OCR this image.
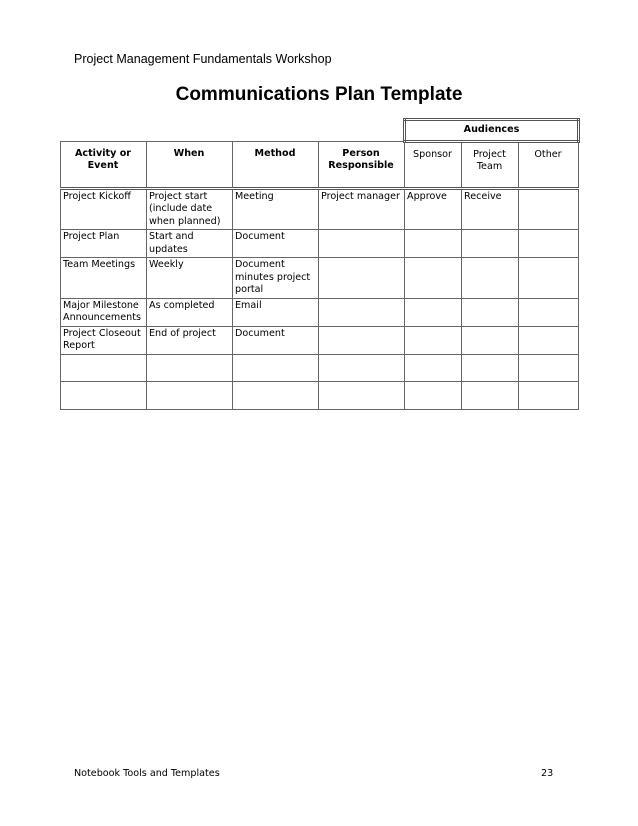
Project Management Fundamentals Workshop
Communications Plan Template
				Audiences		
Activity or Event	When	Method	Person Responsible	Sponsor	Project Team	Other
Project Kickoff	Project start (include date when planned)	Meeting	Project manager	Approve	Receive	
Project Plan	Start and updates	Document				
Team Meetings	Weekly	Document minutes project portal				
Major Milestone Announcements	As completed	Email				
Project Closeout Report	End of project	Document				

Notebook Tools and Templates	23
